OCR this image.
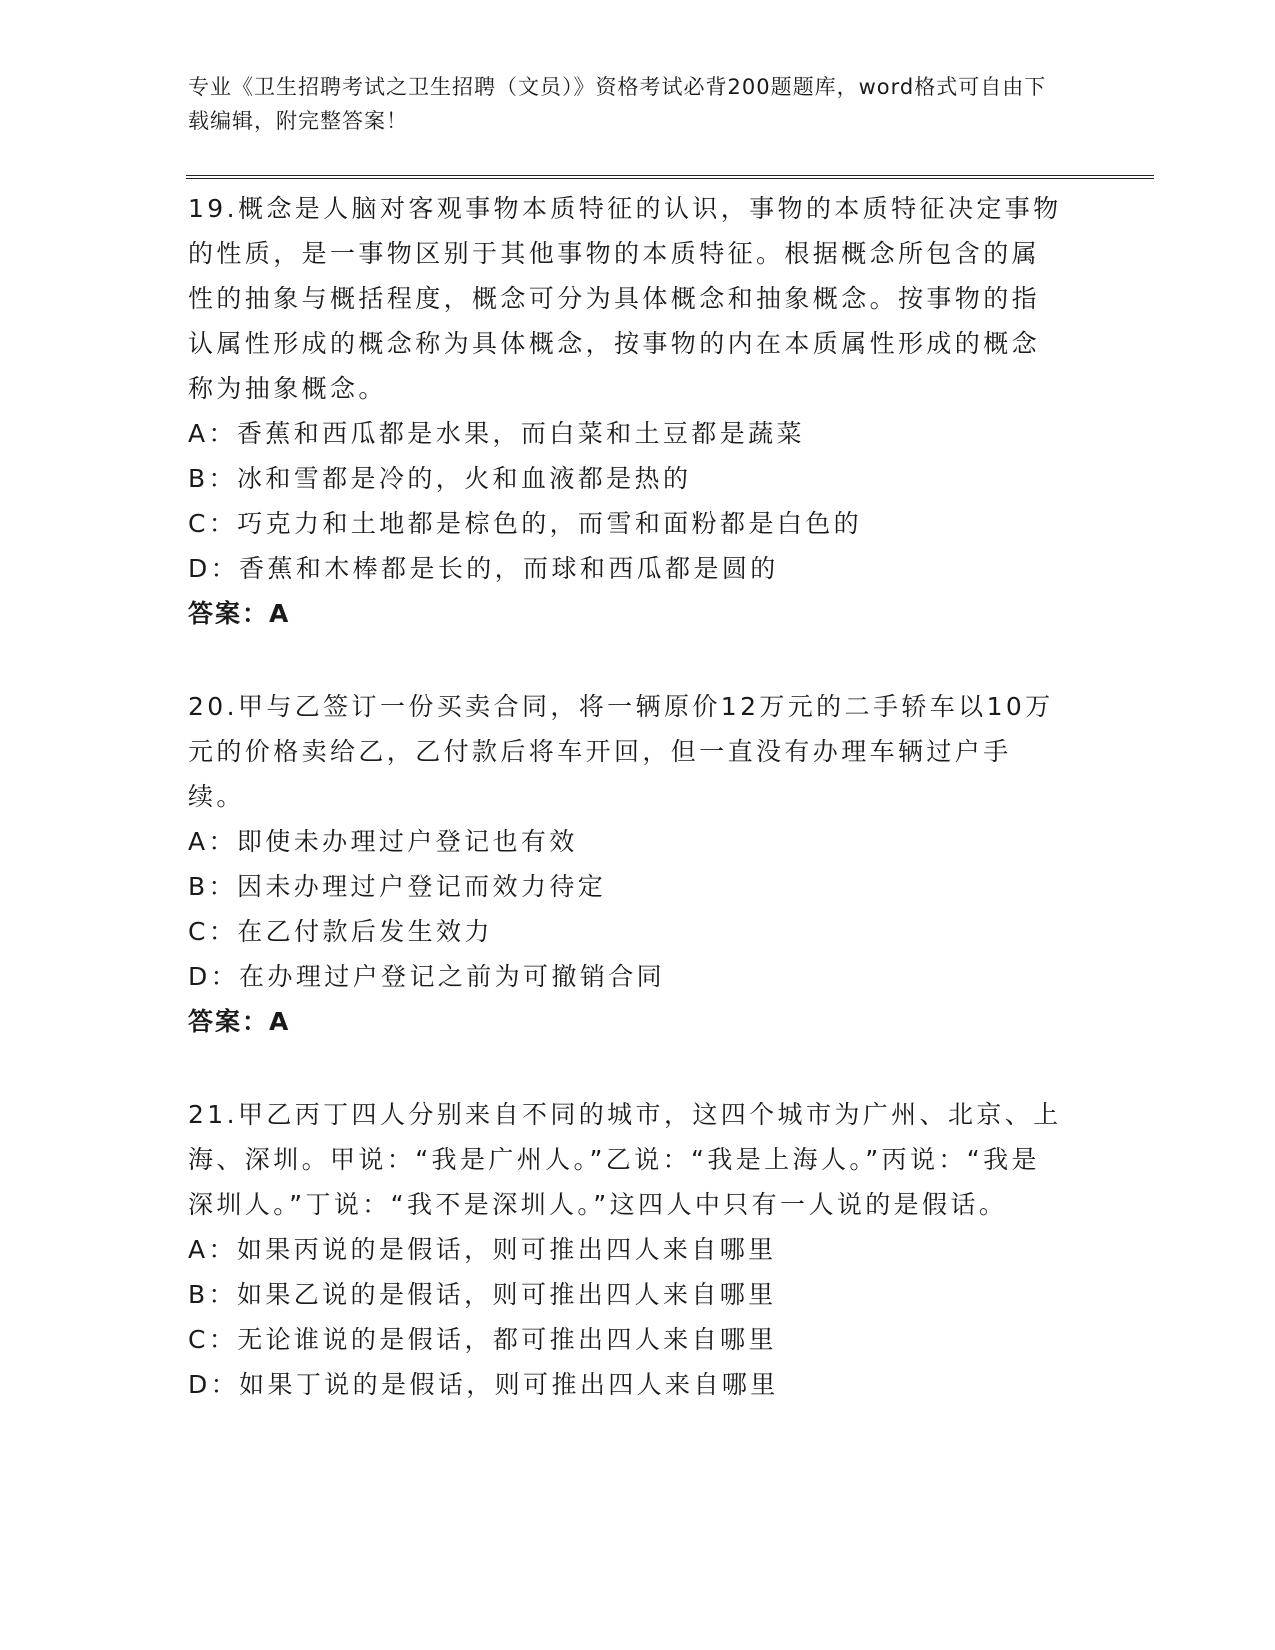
专业《卫生招聘考试之卫生招聘（文员）》资格考试必背200题题库，word格式可自由下载编辑，附完整答案！

19.概念是人脑对客观事物本质特征的认识，事物的本质特征决定事物的性质，是一事物区别于其他事物的本质特征。根据概念所包含的属性的抽象与概括程度，概念可分为具体概念和抽象概念。按事物的指认属性形成的概念称为具体概念，按事物的内在本质属性形成的概念称为抽象概念。

A：香蕉和西瓜都是水果，而白菜和土豆都是蔬菜

B：冰和雪都是冷的，火和血液都是热的

C：巧克力和土地都是棕色的，而雪和面粉都是白色的

D：香蕉和木棒都是长的，而球和西瓜都是圆的

答案：A

20.甲与乙签订一份买卖合同，将一辆原价12万元的二手轿车以10万元的价格卖给乙，乙付款后将车开回，但一直没有办理车辆过户手续。

A：即使未办理过户登记也有效

B：因未办理过户登记而效力待定

C：在乙付款后发生效力

D：在办理过户登记之前为可撤销合同

答案：A

21.甲乙丙丁四人分别来自不同的城市，这四个城市为广州、北京、上海、深圳。甲说：“我是广州人。”乙说：“我是上海人。”丙说：“我是深圳人。”丁说：“我不是深圳人。”这四人中只有一人说的是假话。

A：如果丙说的是假话，则可推出四人来自哪里

B：如果乙说的是假话，则可推出四人来自哪里

C：无论谁说的是假话，都可推出四人来自哪里

D：如果丁说的是假话，则可推出四人来自哪里
